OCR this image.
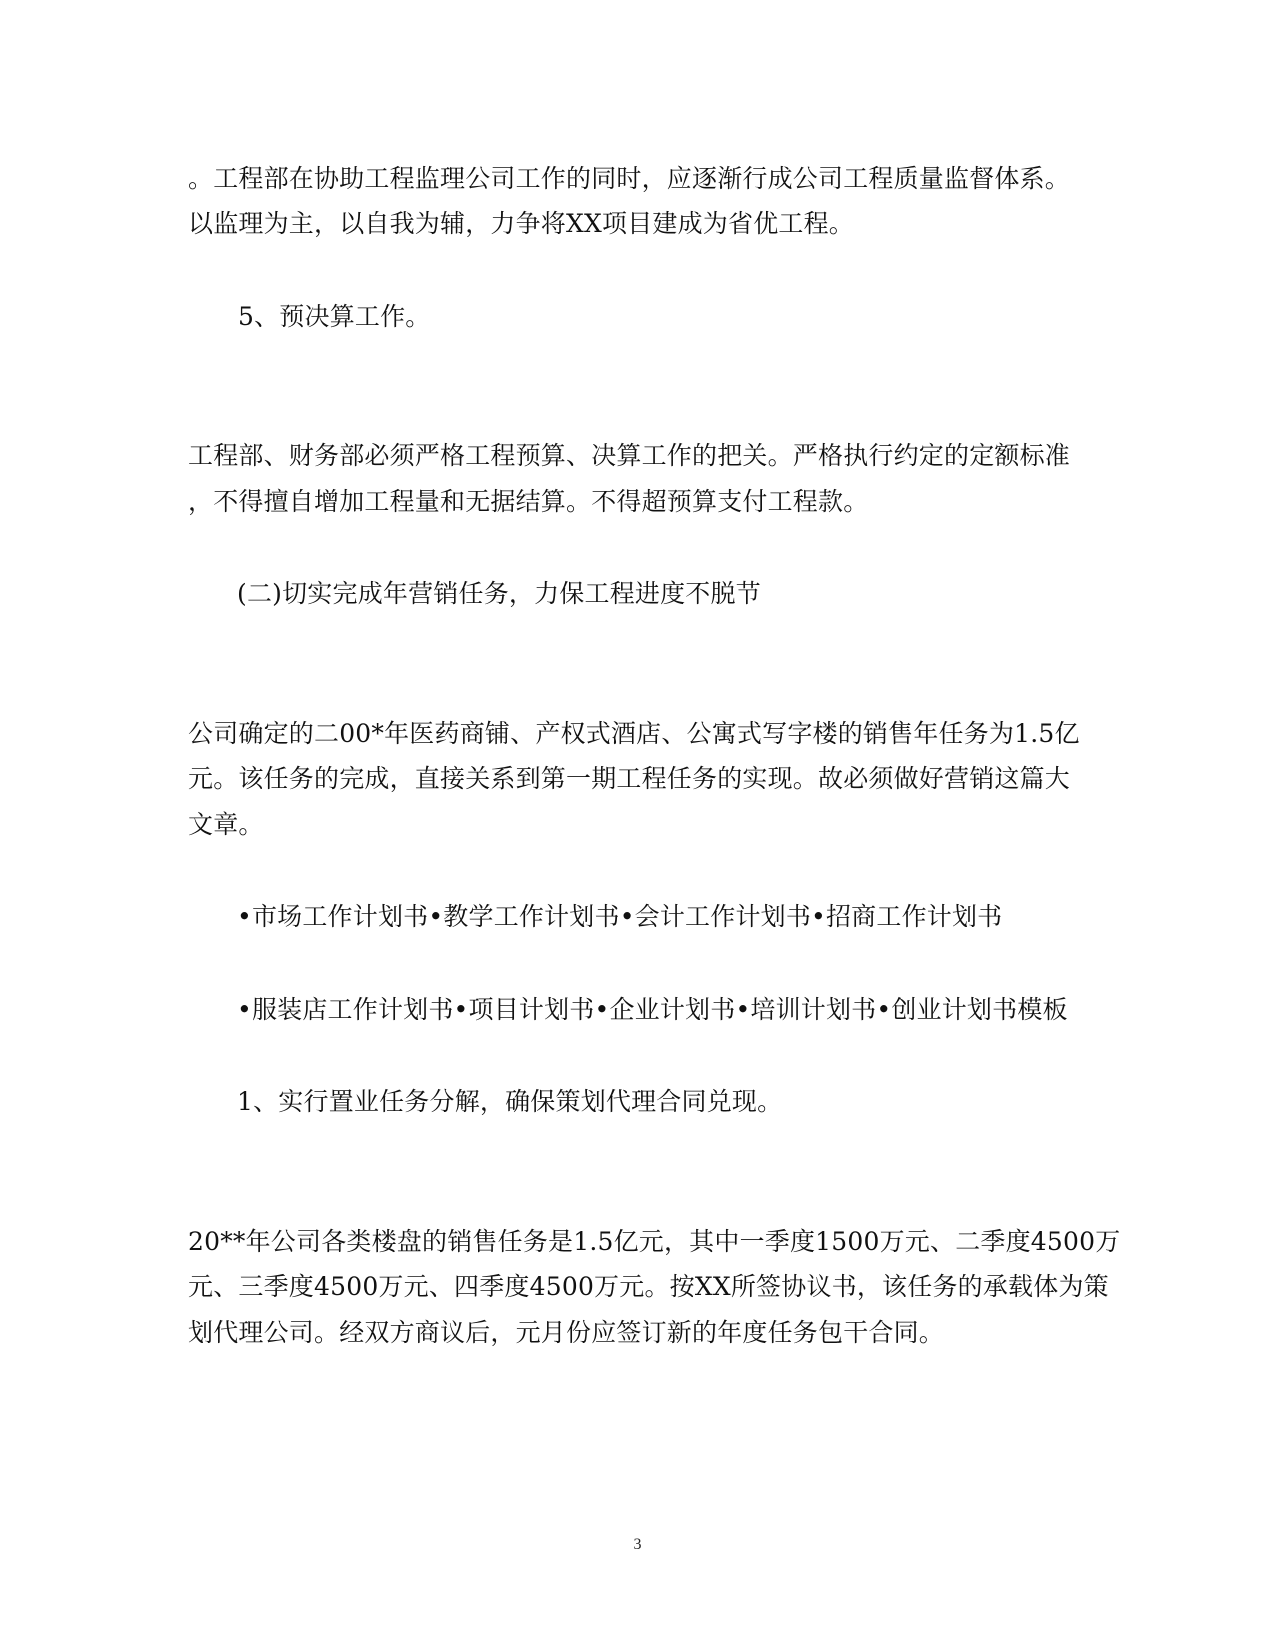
。工程部在协助工程监理公司工作的同时，应逐渐行成公司工程质量监督体系。
以监理为主，以自我为辅，力争将XX项目建成为省优工程。
5、预决算工作。
工程部、财务部必须严格工程预算、决算工作的把关。严格执行约定的定额标准
，不得擅自增加工程量和无据结算。不得超预算支付工程款。
(二)切实完成年营销任务，力保工程进度不脱节
公司确定的二00*年医药商铺、产权式酒店、公寓式写字楼的销售年任务为1.5亿
元。该任务的完成，直接关系到第一期工程任务的实现。故必须做好营销这篇大
文章。
•市场工作计划书•教学工作计划书•会计工作计划书•招商工作计划书
•服装店工作计划书•项目计划书•企业计划书•培训计划书•创业计划书模板
1、实行置业任务分解，确保策划代理合同兑现。
20**年公司各类楼盘的销售任务是1.5亿元，其中一季度1500万元、二季度4500万
元、三季度4500万元、四季度4500万元。按XX所签协议书，该任务的承载体为策
划代理公司。经双方商议后，元月份应签订新的年度任务包干合同。
3
